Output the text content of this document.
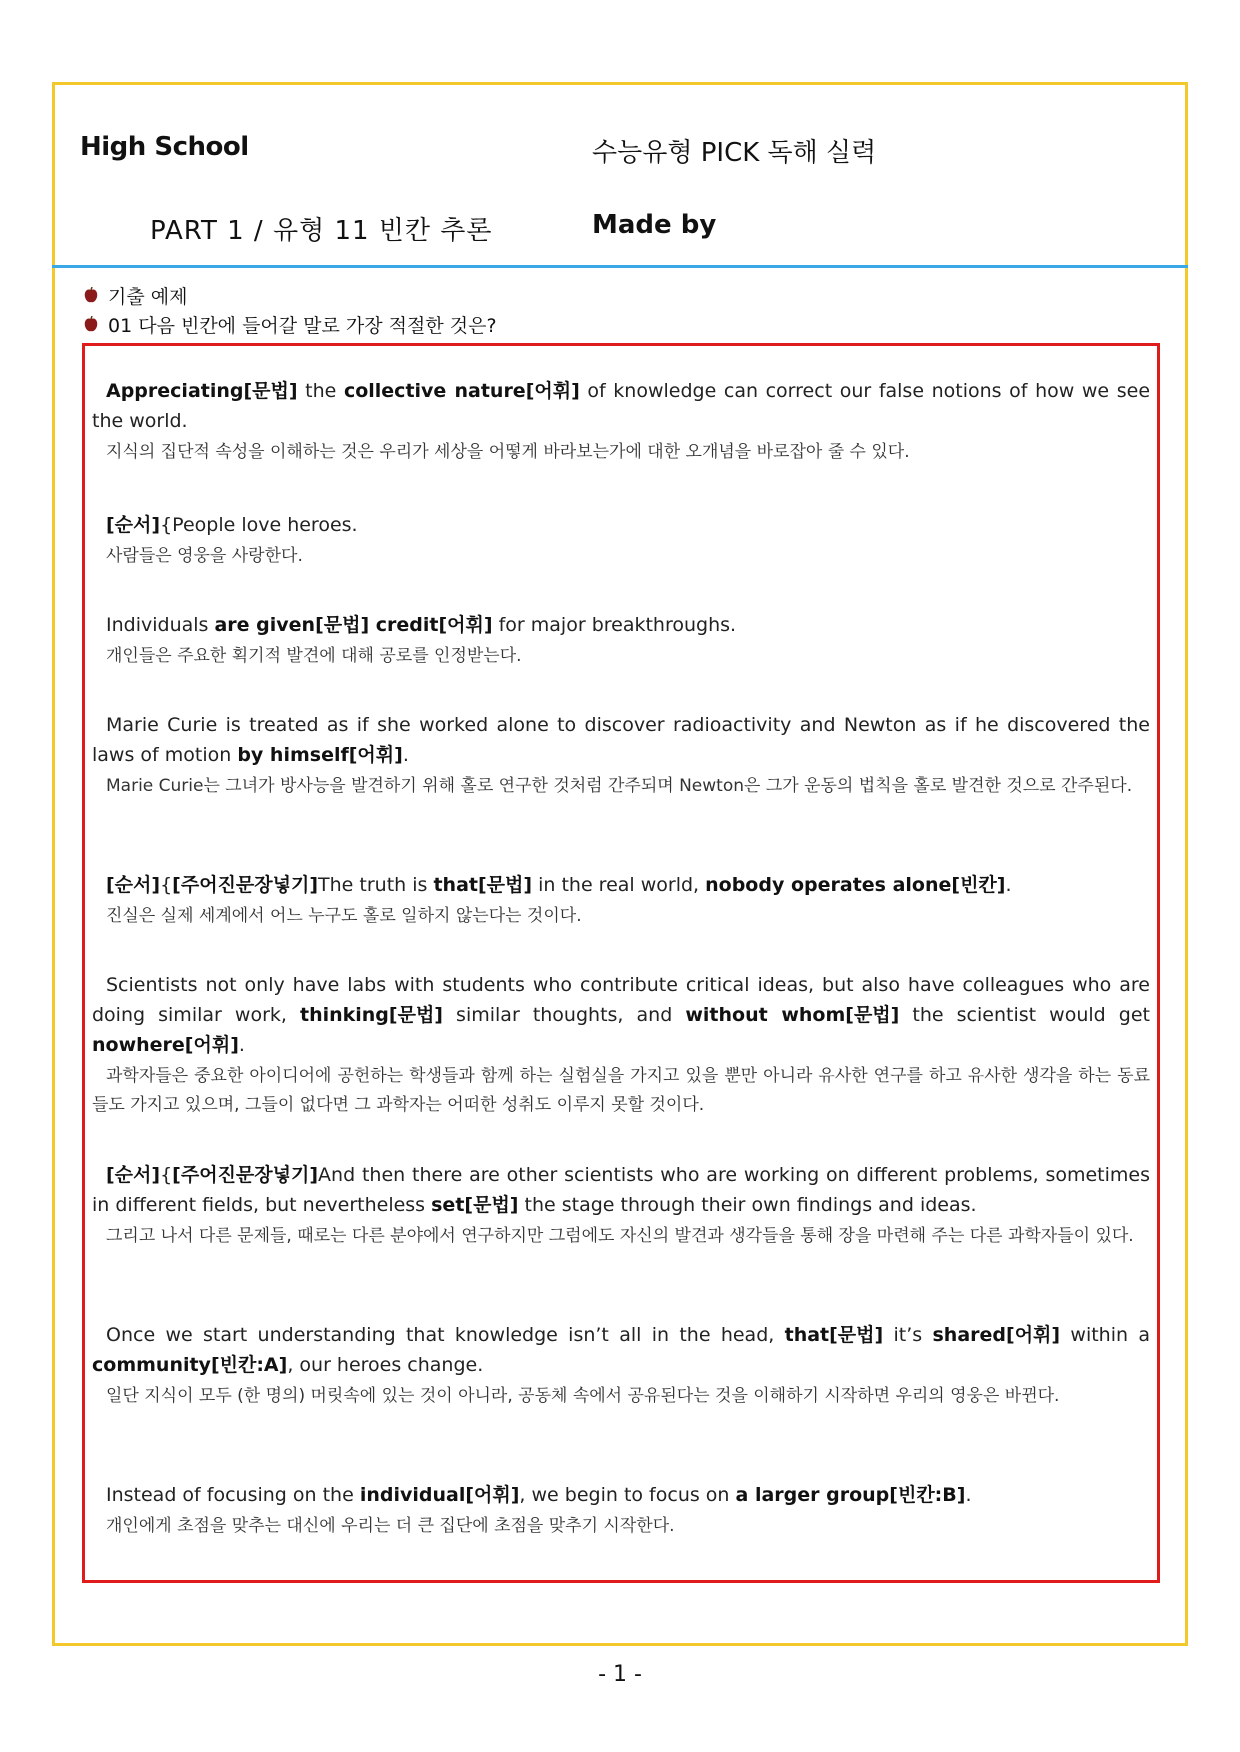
High School	수능유형 PICK 독해 실력
PART 1 / 유형 11 빈칸 추론	Made by
기출 예제
01 다음 빈칸에 들어갈 말로 가장 적절한 것은?

Appreciating[문법] the collective nature[어휘] of knowledge can correct our false notions of how we see the world.

지식의 집단적 속성을 이해하는 것은 우리가 세상을 어떻게 바라보는가에 대한 오개념을 바로잡아 줄 수 있다.

[순서]{People love heroes.

사람들은 영웅을 사랑한다.

Individuals are given[문법] credit[어휘] for major breakthroughs.

개인들은 주요한 획기적 발견에 대해 공로를 인정받는다.

Marie Curie is treated as if she worked alone to discover radioactivity and Newton as if he discovered the laws of motion by himself[어휘].

Marie Curie는 그녀가 방사능을 발견하기 위해 홀로 연구한 것처럼 간주되며 Newton은 그가 운동의 법칙을 홀로 발견한 것으로 간주된다.

[순서]{[주어진문장넣기]The truth is that[문법] in the real world, nobody operates alone[빈칸].

진실은 실제 세계에서 어느 누구도 홀로 일하지 않는다는 것이다.

Scientists not only have labs with students who contribute critical ideas, but also have colleagues who are doing similar work, thinking[문법] similar thoughts, and without whom[문법] the scientist would get nowhere[어휘].

과학자들은 중요한 아이디어에 공헌하는 학생들과 함께 하는 실험실을 가지고 있을 뿐만 아니라 유사한 연구를 하고 유사한 생각을 하는 동료들도 가지고 있으며, 그들이 없다면 그 과학자는 어떠한 성취도 이루지 못할 것이다.

[순서]{[주어진문장넣기]And then there are other scientists who are working on different problems, sometimes in different fields, but nevertheless set[문법] the stage through their own findings and ideas.

그리고 나서 다른 문제들, 때로는 다른 분야에서 연구하지만 그럼에도 자신의 발견과 생각들을 통해 장을 마련해 주는 다른 과학자들이 있다.

Once we start understanding that knowledge isn’t all in the head, that[문법] it’s shared[어휘] within a community[빈칸:A], our heroes change.

일단 지식이 모두 (한 명의) 머릿속에 있는 것이 아니라, 공동체 속에서 공유된다는 것을 이해하기 시작하면 우리의 영웅은 바뀐다.

Instead of focusing on the individual[어휘], we begin to focus on a larger group[빈칸:B].

개인에게 초점을 맞추는 대신에 우리는 더 큰 집단에 초점을 맞추기 시작한다.

- 1 -
